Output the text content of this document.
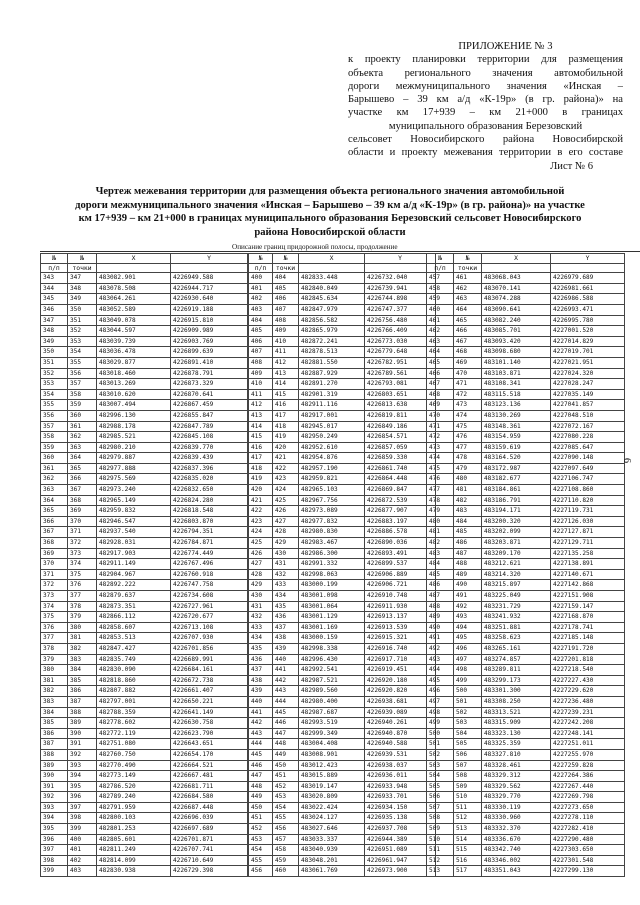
ПРИЛОЖЕНИЕ № 3
к проекту планировки территории для размещения
объекта регионального значения автомобильной
дороги межмуниципального значения «Инская –
Барышево – 39 км а/д «К-19р» (в гр. района)» на
участке км 17+939 – км 21+000 в границах
муниципального образования Березовский
сельсовет Новосибирского района Новосибирской
области и проекту межевания территории в его составе
Лист № 6
Чертеж межевания территории для размещения объекта регионального значения автомобильной
дороги межмуниципального значения «Инская – Барышево – 39 км а/д «К-19р» (в гр. района)» на участке
км 17+939 – км 21+000 в границах муниципального образования Березовский сельсовет Новосибирского
района Новосибирской области
Описание границ придорожной полосы, продолжение
№	№	X	Y
п/п	точки		
343	347	483082.901	4226949.588
344	348	483078.508	4226944.717
345	349	483064.261	4226930.640
346	350	483052.589	4226919.188
347	351	483049.078	4226915.810
348	352	483044.597	4226909.989
349	353	483039.739	4226903.769
350	354	483036.478	4226899.639
351	355	483029.877	4226891.410
352	356	483018.460	4226878.791
353	357	483013.269	4226873.329
354	358	483010.620	4226870.641
355	359	483007.494	4226867.459
356	360	482996.130	4226855.847
357	361	482988.178	4226847.789
358	362	482985.521	4226845.108
359	363	482980.210	4226839.770
360	364	482979.887	4226839.439
361	365	482977.888	4226837.396
362	366	482975.569	4226835.020
363	367	482973.240	4226832.650
364	368	482965.149	4226824.280
365	369	482959.832	4226818.548
366	370	482946.547	4226803.870
367	371	482937.540	4226794.351
368	372	482928.031	4226784.871
369	373	482917.903	4226774.449
370	374	482911.149	4226767.496
371	375	482904.967	4226760.918
372	376	482892.222	4226747.758
373	377	482879.637	4226734.608
374	378	482873.351	4226727.961
375	379	482866.112	4226720.677
376	380	482858.607	4226713.108
377	381	482853.513	4226707.930
378	382	482847.427	4226701.856
379	383	482835.749	4226689.991
380	384	482830.090	4226684.161
381	385	482818.860	4226672.738
382	386	482807.882	4226661.407
383	387	482797.001	4226650.221
384	388	482788.359	4226641.149
385	389	482778.602	4226630.758
386	390	482772.119	4226623.790
387	391	482751.080	4226643.651
388	392	482760.750	4226654.170
389	393	482770.490	4226664.521
390	394	482773.149	4226667.481
391	395	482786.520	4226681.711
392	396	482789.240	4226684.580
393	397	482791.959	4226687.448
394	398	482800.103	4226696.039
395	399	482801.253	4226697.689
396	400	482805.601	4226701.871
397	401	482811.249	4226707.741
398	402	482814.099	4226710.649
399	403	482830.938	4226729.398
№	№	X	Y
п/п	точки		
400	404	482833.448	4226732.040
401	405	482840.049	4226739.941
402	406	482845.634	4226744.898
403	407	482847.979	4226747.377
404	408	482856.582	4226756.480
405	409	482865.979	4226766.409
406	410	482872.241	4226773.030
407	411	482878.513	4226779.648
408	412	482881.550	4226782.951
409	413	482887.929	4226789.561
410	414	482891.270	4226793.081
411	415	482901.319	4226803.651
412	416	482911.116	4226813.638
413	417	482917.001	4226819.811
414	418	482945.017	4226849.186
415	419	482950.249	4226854.571
416	420	482952.610	4226857.059
417	421	482954.876	4226859.330
418	422	482957.190	4226861.740
419	423	482959.821	4226864.448
420	424	482965.103	4226869.847
421	425	482967.756	4226872.539
422	426	482973.089	4226877.907
423	427	482977.832	4226883.197
424	428	482980.830	4226886.578
425	429	482983.467	4226890.036
426	430	482986.300	4226893.491
427	431	482991.332	4226899.537
428	432	482998.063	4226906.889
429	433	483000.199	4226906.721
430	434	483001.098	4226910.748
431	435	483001.064	4226911.930
432	436	483001.129	4226913.137
433	437	483001.169	4226913.539
434	438	483000.159	4226915.321
435	439	482998.338	4226916.740
436	440	482996.430	4226917.710
437	441	482992.541	4226919.451
438	442	482987.521	4226920.180
439	443	482989.560	4226920.820
440	444	482980.400	4226938.681
441	445	482987.687	4226939.089
442	446	482993.519	4226940.261
443	447	482999.349	4226940.870
444	448	483004.408	4226940.588
445	449	483008.901	4226939.531
446	450	483012.423	4226938.037
447	451	483015.889	4226936.011
448	452	483019.147	4226933.948
449	453	483020.809	4226933.701
450	454	483022.424	4226934.150
451	455	483024.127	4226935.138
452	456	483027.646	4226937.708
453	457	483033.337	4226944.389
454	458	483040.939	4226951.089
455	459	483048.201	4226961.947
456	460	483061.769	4226973.900
№	№	X	Y
п/п	точки		
457	461	483068.043	4226979.689
458	462	483070.141	4226981.661
459	463	483074.288	4226986.588
460	464	483090.641	4226993.471
461	465	483082.240	4226995.780
462	466	483085.701	4227001.520
463	467	483093.420	4227014.829
464	468	483098.680	4227019.701
465	469	483101.140	4227021.951
466	470	483103.871	4227024.320
467	471	483108.341	4227028.247
468	472	483115.518	4227035.149
469	473	483123.136	4227041.857
470	474	483130.269	4227048.510
471	475	483148.361	4227072.167
472	476	483154.959	4227080.228
473	477	483159.619	4227085.647
474	478	483164.520	4227090.148
475	479	483172.987	4227097.649
476	480	483182.677	4227106.747
477	481	483184.861	4227108.860
478	482	483186.791	4227110.820
479	483	483194.171	4227119.731
480	484	483200.320	4227126.030
481	485	483202.099	4227127.871
482	486	483203.871	4227129.711
483	487	483209.170	4227135.258
484	488	483212.621	4227138.891
485	489	483214.320	4227140.671
486	490	483215.897	4227142.868
487	491	483225.049	4227151.908
488	492	483231.729	4227159.147
489	493	483241.932	4227168.870
490	494	483251.881	4227178.741
491	495	483258.623	4227185.148
492	496	483265.161	4227191.720
493	497	483274.857	4227201.818
494	498	483289.811	4227218.540
495	499	483299.173	4227227.430
496	500	483301.300	4227229.620
497	501	483308.250	4227236.480
498	502	483313.521	4227239.231
499	503	483315.909	4227242.208
500	504	483323.130	4227248.141
501	505	483325.359	4227251.011
502	506	483327.810	4227255.970
503	507	483328.461	4227259.828
504	508	483329.312	4227264.386
505	509	483329.562	4227267.440
506	510	483329.770	4227269.798
507	511	483330.119	4227273.650
508	512	483330.960	4227278.110
509	513	483332.370	4227282.410
510	514	483336.670	4227290.480
511	515	483342.740	4227303.650
512	516	483346.002	4227301.548
513	517	483351.043	4227299.130
6
